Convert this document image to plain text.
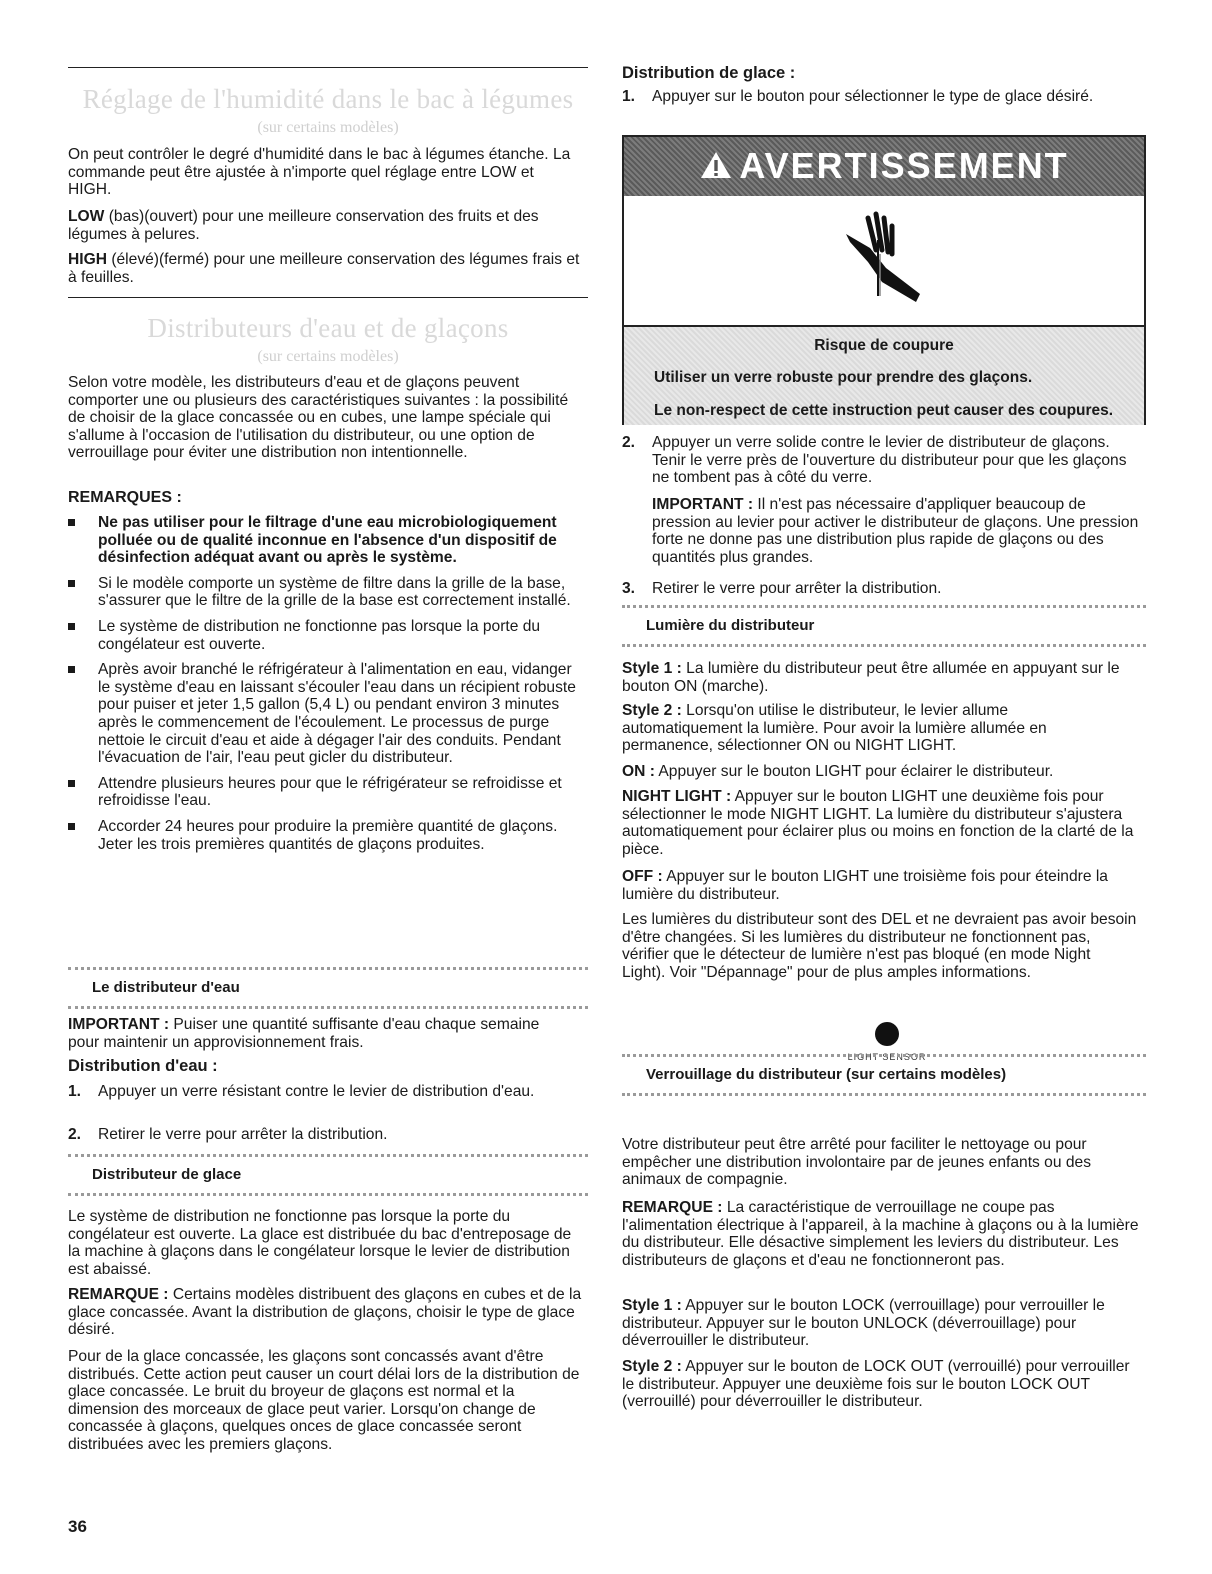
Réglage de l'humidité dans le bac à légumes
(sur certains modèles)

On peut contrôler le degré d'humidité dans le bac à légumes étanche. La commande peut être ajustée à n'importe quel réglage entre LOW et HIGH.

LOW (bas)(ouvert) pour une meilleure conservation des fruits et des légumes à pelures.

HIGH (élevé)(fermé) pour une meilleure conservation des légumes frais et à feuilles.

Distributeurs d'eau et de glaçons
(sur certains modèles)

Selon votre modèle, les distributeurs d'eau et de glaçons peuvent comporter une ou plusieurs des caractéristiques suivantes : la possibilité de choisir de la glace concassée ou en cubes, une lampe spéciale qui s'allume à l'occasion de l'utilisation du distributeur, ou une option de verrouillage pour éviter une distribution non intentionnelle.

REMARQUES :

Ne pas utiliser pour le filtrage d'une eau microbiologiquement polluée ou de qualité inconnue en l'absence d'un dispositif de désinfection adéquat avant ou après le système.
Si le modèle comporte un système de filtre dans la grille de la base, s'assurer que le filtre de la grille de la base est correctement installé.
Le système de distribution ne fonctionne pas lorsque la porte du congélateur est ouverte.
Après avoir branché le réfrigérateur à l'alimentation en eau, vidanger le système d'eau en laissant s'écouler l'eau dans un récipient robuste pour puiser et jeter 1,5 gallon (5,4 L) ou pendant environ 3 minutes après le commencement de l'écoulement. Le processus de purge nettoie le circuit d'eau et aide à dégager l'air des conduits. Pendant l'évacuation de l'air, l'eau peut gicler du distributeur.
Attendre plusieurs heures pour que le réfrigérateur se refroidisse et refroidisse l'eau.
Accorder 24 heures pour produire la première quantité de glaçons. Jeter les trois premières quantités de glaçons produites.
Le distributeur d'eau

IMPORTANT : Puiser une quantité suffisante d'eau chaque semaine pour maintenir un approvisionnement frais.

Distribution d'eau :
1. Appuyer un verre résistant contre le levier de distribution d'eau.
2. Retirer le verre pour arrêter la distribution.
Distributeur de glace

Le système de distribution ne fonctionne pas lorsque la porte du congélateur est ouverte. La glace est distribuée du bac d'entreposage de la machine à glaçons dans le congélateur lorsque le levier de distribution est abaissé.

REMARQUE : Certains modèles distribuent des glaçons en cubes et de la glace concassée. Avant la distribution de glaçons, choisir le type de glace désiré.

Pour de la glace concassée, les glaçons sont concassés avant d'être distribués. Cette action peut causer un court délai lors de la distribution de glace concassée. Le bruit du broyeur de glaçons est normal et la dimension des morceaux de glace peut varier. Lorsqu'on change de concassée à glaçons, quelques onces de glace concassée seront distribuées avec les premiers glaçons.

Distribution de glace :
1. Appuyer sur le bouton pour sélectionner le type de glace désiré.
AVERTISSEMENT
Risque de coupure
Utiliser un verre robuste pour prendre des glaçons.
Le non-respect de cette instruction peut causer des coupures.
2. Appuyer un verre solide contre le levier de distributeur de glaçons. Tenir le verre près de l'ouverture du distributeur pour que les glaçons ne tombent pas à côté du verre.

IMPORTANT : Il n'est pas nécessaire d'appliquer beaucoup de pression au levier pour activer le distributeur de glaçons. Une pression forte ne donne pas une distribution plus rapide de glaçons ou des quantités plus grandes.

3. Retirer le verre pour arrêter la distribution.
Lumière du distributeur

Style 1 : La lumière du distributeur peut être allumée en appuyant sur le bouton ON (marche).

Style 2 : Lorsqu'on utilise le distributeur, le levier allume automatiquement la lumière. Pour avoir la lumière allumée en permanence, sélectionner ON ou NIGHT LIGHT.

ON : Appuyer sur le bouton LIGHT pour éclairer le distributeur.

NIGHT LIGHT : Appuyer sur le bouton LIGHT une deuxième fois pour sélectionner le mode NIGHT LIGHT. La lumière du distributeur s'ajustera automatiquement pour éclairer plus ou moins en fonction de la clarté de la pièce.

OFF : Appuyer sur le bouton LIGHT une troisième fois pour éteindre la lumière du distributeur.

Les lumières du distributeur sont des DEL et ne devraient pas avoir besoin d'être changées. Si les lumières du distributeur ne fonctionnent pas, vérifier que le détecteur de lumière n'est pas bloqué (en mode Night Light). Voir "Dépannage" pour de plus amples informations.

LIGHT SENSOR
Verrouillage du distributeur (sur certains modèles)

Votre distributeur peut être arrêté pour faciliter le nettoyage ou pour empêcher une distribution involontaire par de jeunes enfants ou des animaux de compagnie.

REMARQUE : La caractéristique de verrouillage ne coupe pas l'alimentation électrique à l'appareil, à la machine à glaçons ou à la lumière du distributeur. Elle désactive simplement les leviers du distributeur. Les distributeurs de glaçons et d'eau ne fonctionneront pas.

Style 1 : Appuyer sur le bouton LOCK (verrouillage) pour verrouiller le distributeur. Appuyer sur le bouton UNLOCK (déverrouillage) pour déverrouiller le distributeur.

Style 2 : Appuyer sur le bouton de LOCK OUT (verrouillé) pour verrouiller le distributeur. Appuyer une deuxième fois sur le bouton LOCK OUT (verrouillé) pour déverrouiller le distributeur.

36
